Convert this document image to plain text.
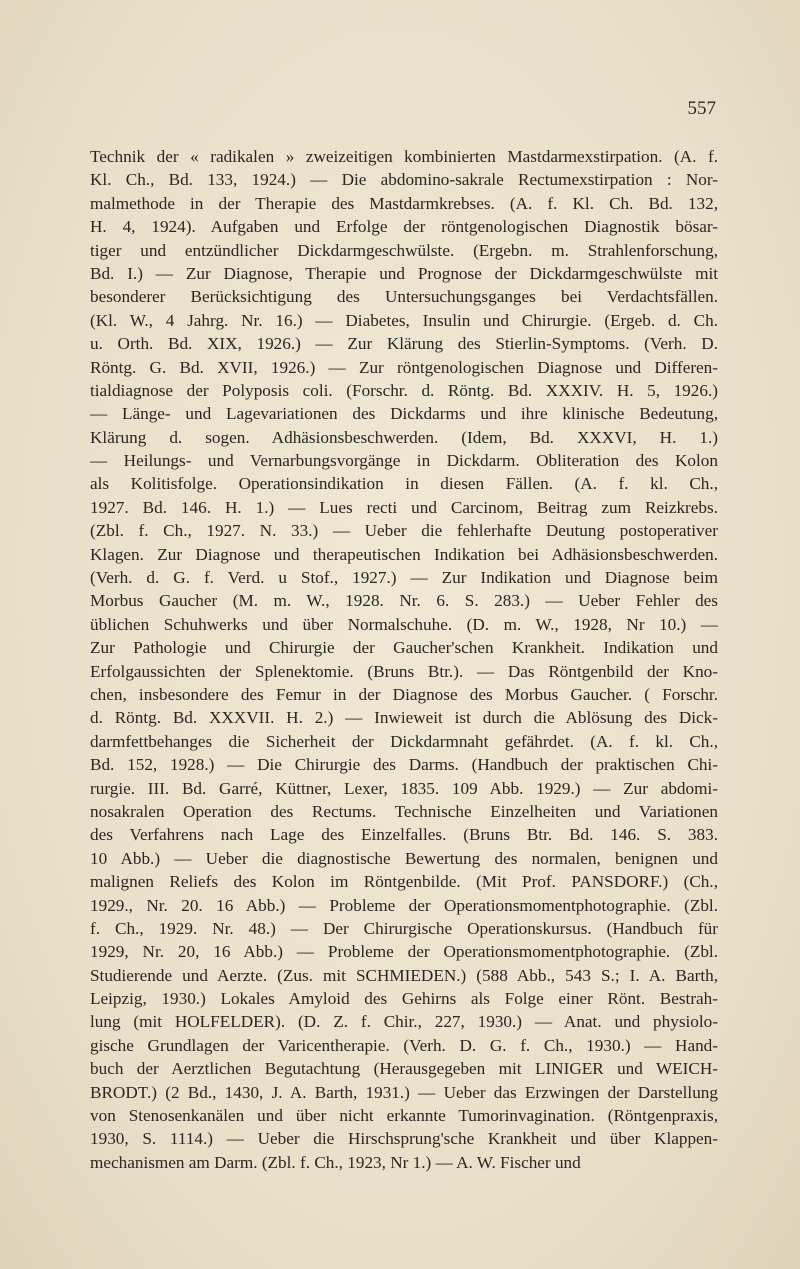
557
Technik der « radikalen » zweizeitigen kombinierten Mastdarmexstirpation. (A. f.
Kl. Ch., Bd. 133, 1924.) — Die abdomino-sakrale Rectumexstirpation : Nor-
malmethode in der Therapie des Mastdarmkrebses. (A. f. Kl. Ch. Bd. 132,
H. 4, 1924). Aufgaben und Erfolge der röntgenologischen Diagnostik bösar-
tiger und entzündlicher Dickdarmgeschwülste. (Ergebn. m. Strahlenforschung,
Bd. I.) — Zur Diagnose, Therapie und Prognose der Dickdarmgeschwülste mit
besonderer Berücksichtigung des Untersuchungsganges bei Verdachtsfällen.
(Kl. W., 4 Jahrg. Nr. 16.) — Diabetes, Insulin und Chirurgie. (Ergeb. d. Ch.
u. Orth. Bd. XIX, 1926.) — Zur Klärung des Stierlin-Symptoms. (Verh. D.
Röntg. G. Bd. XVII, 1926.) — Zur röntgenologischen Diagnose und Differen-
tialdiagnose der Polyposis coli. (Forschr. d. Röntg. Bd. XXXIV. H. 5, 1926.)
— Länge- und Lagevariationen des Dickdarms und ihre klinische Bedeutung,
Klärung d. sogen. Adhäsionsbeschwerden. (Idem, Bd. XXXVI, H. 1.)
— Heilungs- und Vernarbungsvorgänge in Dickdarm. Obliteration des Kolon
als Kolitisfolge. Operationsindikation in diesen Fällen. (A. f. kl. Ch.,
1927. Bd. 146. H. 1.) — Lues recti und Carcinom, Beitrag zum Reizkrebs.
(Zbl. f. Ch., 1927. N. 33.) — Ueber die fehlerhafte Deutung postoperativer
Klagen. Zur Diagnose und therapeutischen Indikation bei Adhäsionsbeschwerden.
(Verh. d. G. f. Verd. u Stof., 1927.) — Zur Indikation und Diagnose beim
Morbus Gaucher (M. m. W., 1928. Nr. 6. S. 283.) — Ueber Fehler des
üblichen Schuhwerks und über Normalschuhe. (D. m. W., 1928, Nr 10.) —
Zur Pathologie und Chirurgie der Gaucher'schen Krankheit. Indikation und
Erfolgaussichten der Splenektomie. (Bruns Btr.). — Das Röntgenbild der Kno-
chen, insbesondere des Femur in der Diagnose des Morbus Gaucher. ( Forschr.
d. Röntg. Bd. XXXVII. H. 2.) — Inwieweit ist durch die Ablösung des Dick-
darmfettbehanges die Sicherheit der Dickdarmnaht gefährdet. (A. f. kl. Ch.,
Bd. 152, 1928.) — Die Chirurgie des Darms. (Handbuch der praktischen Chi-
rurgie. III. Bd. Garré, Küttner, Lexer, 1835. 109 Abb. 1929.) — Zur abdomi-
nosakralen Operation des Rectums. Technische Einzelheiten und Variationen
des Verfahrens nach Lage des Einzelfalles. (Bruns Btr. Bd. 146. S. 383.
10 Abb.) — Ueber die diagnostische Bewertung des normalen, benignen und
malignen Reliefs des Kolon im Röntgenbilde. (Mit Prof. PANSDORF.) (Ch.,
1929., Nr. 20. 16 Abb.) — Probleme der Operationsmomentphotographie. (Zbl.
f. Ch., 1929. Nr. 48.) — Der Chirurgische Operationskursus. (Handbuch für
1929, Nr. 20, 16 Abb.) — Probleme der Operationsmomentphotographie. (Zbl.
Studierende und Aerzte. (Zus. mit SCHMIEDEN.) (588 Abb., 543 S.; I. A. Barth,
Leipzig, 1930.) Lokales Amyloid des Gehirns als Folge einer Rönt. Bestrah-
lung (mit HOLFELDER). (D. Z. f. Chir., 227, 1930.) — Anat. und physiolo-
gische Grundlagen der Varicentherapie. (Verh. D. G. f. Ch., 1930.) — Hand-
buch der Aerztlichen Begutachtung (Herausgegeben mit LINIGER und WEICH-
BRODT.) (2 Bd., 1430, J. A. Barth, 1931.) — Ueber das Erzwingen der Darstellung
von Stenosenkanälen und über nicht erkannte Tumorinvagination. (Röntgenpraxis,
1930, S. 1114.) — Ueber die Hirschsprung'sche Krankheit und über Klappen-
mechanismen am Darm. (Zbl. f. Ch., 1923, Nr 1.) — A. W. Fischer und
